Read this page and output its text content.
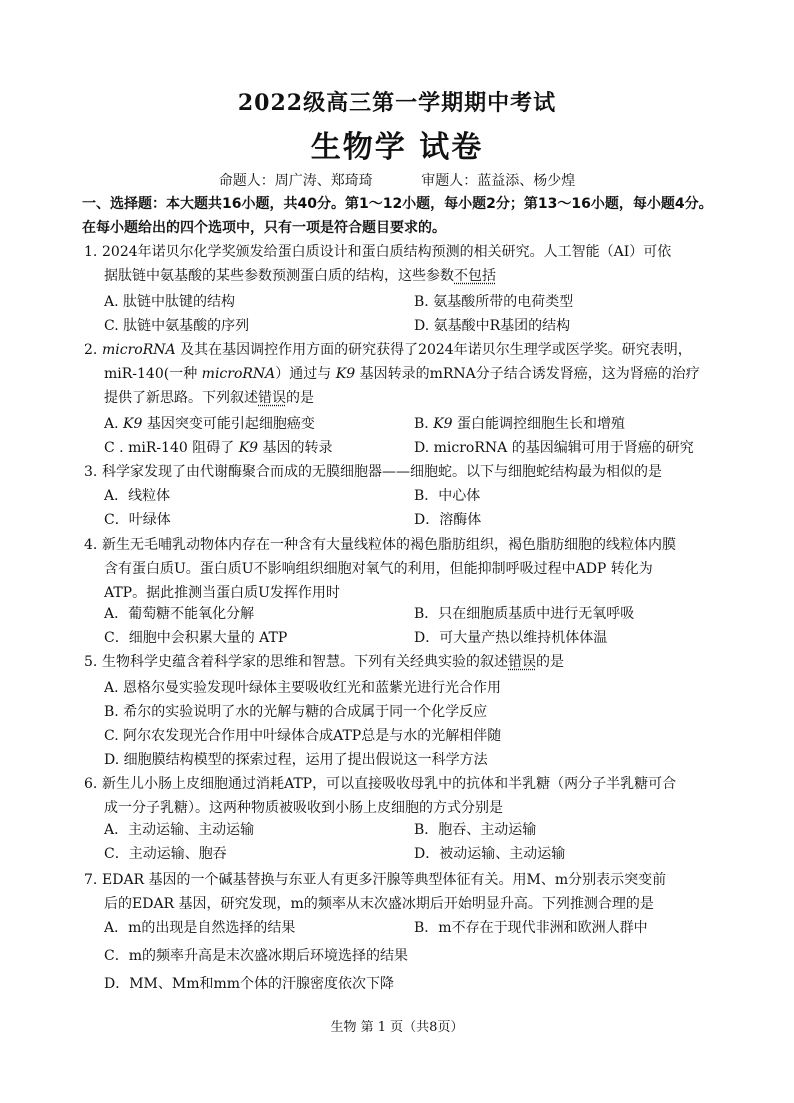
2022级高三第一学期期中考试
生物学 试卷
命题人：周广涛、郑琦琦	审题人：蓝益添、杨少煌
一、选择题：本大题共16小题，共40分。第1～12小题，每小题2分；第13～16小题，每小题4分。在每小题给出的四个选项中，只有一项是符合题目要求的。
1. 2024年诺贝尔化学奖颁发给蛋白质设计和蛋白质结构预测的相关研究。人工智能（AI）可依
据肽链中氨基酸的某些参数预测蛋白质的结构，这些参数不包括
A. 肽链中肽键的结构	B. 氨基酸所带的电荷类型
C. 肽链中氨基酸的序列	D. 氨基酸中R基团的结构
2. microRNA 及其在基因调控作用方面的研究获得了2024年诺贝尔生理学或医学奖。研究表明，
miR-140(一种 microRNA）通过与 K9 基因转录的mRNA分子结合诱发肾癌，这为肾癌的治疗
提供了新思路。下列叙述错误的是
A. K9 基因突变可能引起细胞癌变	B. K9 蛋白能调控细胞生长和增殖
C . miR-140 阻碍了 K9 基因的转录	D. microRNA 的基因编辑可用于肾癌的研究
3. 科学家发现了由代谢酶聚合而成的无膜细胞器——细胞蛇。以下与细胞蛇结构最为相似的是
A．线粒体	B．中心体
C．叶绿体	D．溶酶体
4. 新生无毛哺乳动物体内存在一种含有大量线粒体的褐色脂肪组织，褐色脂肪细胞的线粒体内膜
含有蛋白质U。蛋白质U不影响组织细胞对氧气的利用，但能抑制呼吸过程中ADP 转化为
ATP。据此推测当蛋白质U发挥作用时
A．葡萄糖不能氧化分解	B．只在细胞质基质中进行无氧呼吸
C．细胞中会积累大量的 ATP	D．可大量产热以维持机体体温
5. 生物科学史蕴含着科学家的思维和智慧。下列有关经典实验的叙述错误的是
A. 恩格尔曼实验发现叶绿体主要吸收红光和蓝紫光进行光合作用
B. 希尔的实验说明了水的光解与糖的合成属于同一个化学反应
C. 阿尔农发现光合作用中叶绿体合成ATP总是与水的光解相伴随
D. 细胞膜结构模型的探索过程，运用了提出假说这一科学方法
6. 新生儿小肠上皮细胞通过消耗ATP，可以直接吸收母乳中的抗体和半乳糖（两分子半乳糖可合
成一分子乳糖）。这两种物质被吸收到小肠上皮细胞的方式分别是
A．主动运输、主动运输	B．胞吞、主动运输
C．主动运输、胞吞	D．被动运输、主动运输
7. EDAR 基因的一个碱基替换与东亚人有更多汗腺等典型体征有关。用M、m分别表示突变前
后的EDAR 基因，研究发现，m的频率从末次盛冰期后开始明显升高。下列推测合理的是
A．m的出现是自然选择的结果	B．m不存在于现代非洲和欧洲人群中
C．m的频率升高是末次盛冰期后环境选择的结果
D．MM、Mm和mm个体的汗腺密度依次下降
生物 第 1 页（共8页）
